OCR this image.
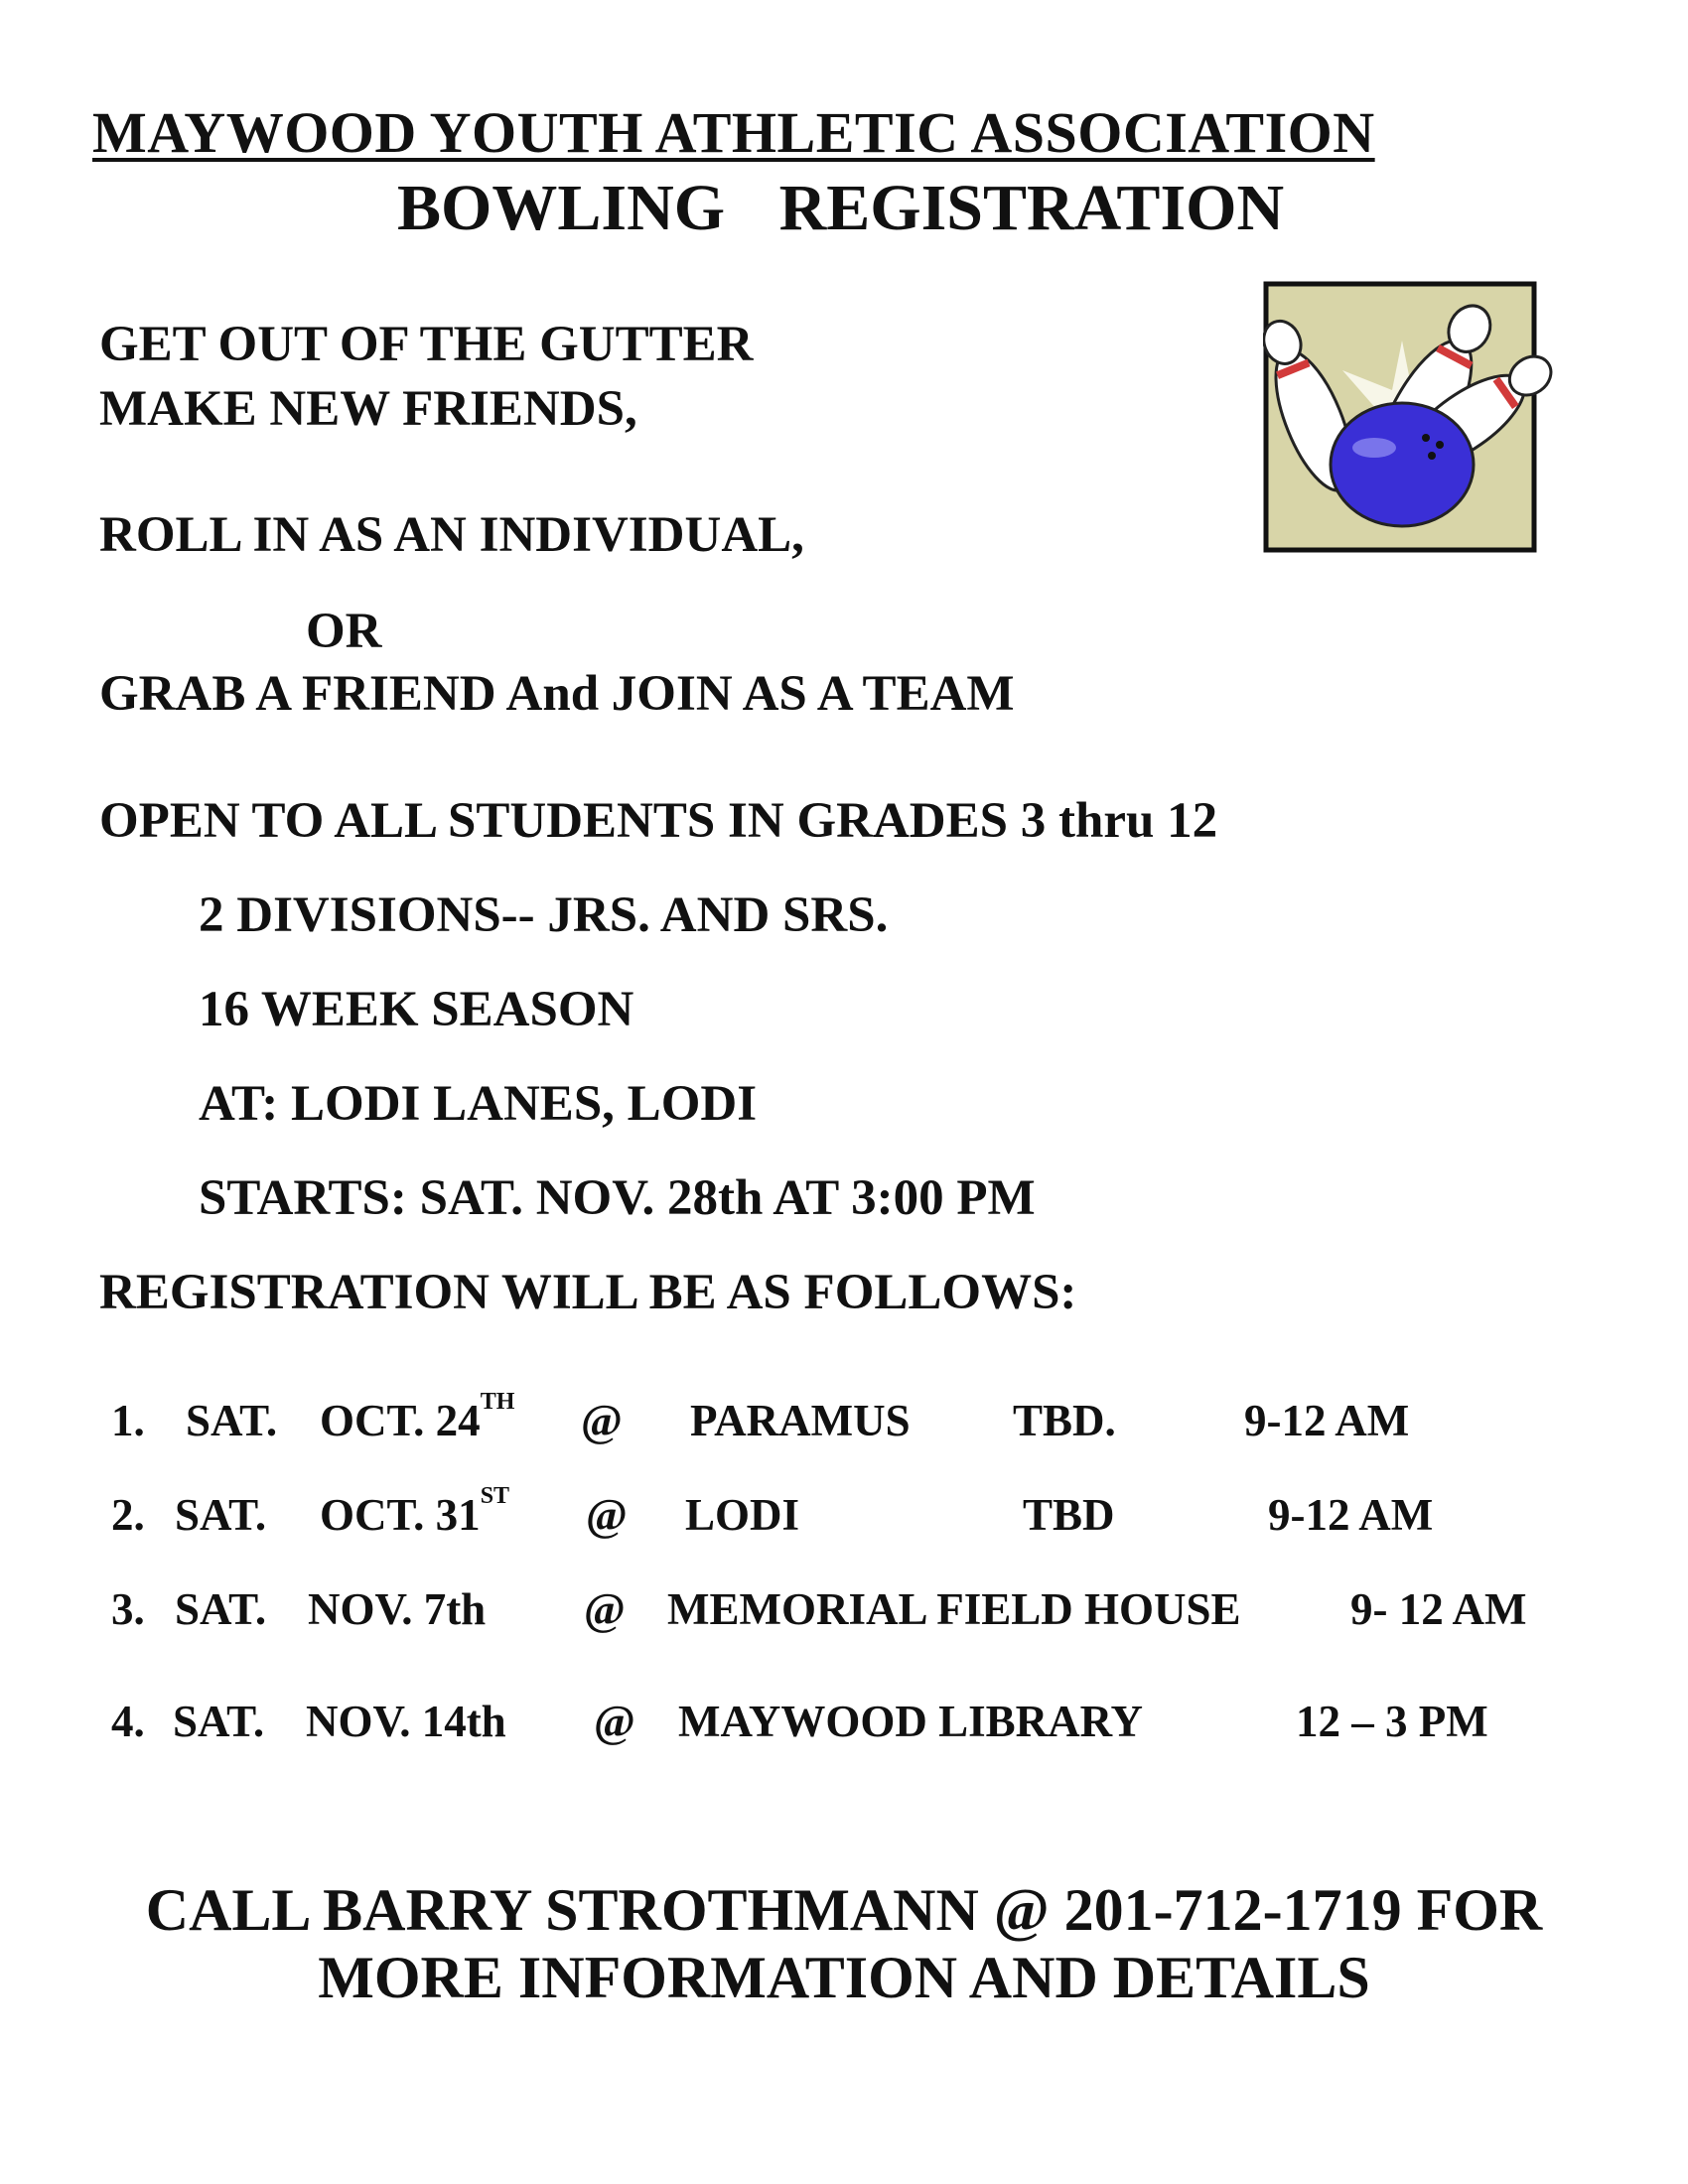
MAYWOOD YOUTH ATHLETIC ASSOCIATION
BOWLING REGISTRATION
GET OUT OF THE GUTTER
MAKE NEW FRIENDS,
ROLL IN AS AN INDIVIDUAL,
OR
GRAB A FRIEND And JOIN AS A TEAM
OPEN TO ALL STUDENTS IN GRADES 3 thru 12
2 DIVISIONS-- JRS. AND SRS.
16 WEEK SEASON
AT: LODI LANES, LODI
STARTS: SAT. NOV. 28th AT 3:00 PM
REGISTRATION WILL BE AS FOLLOWS:
1. SAT. OCT. 24TH @ PARAMUS TBD.	9-12 AM
2. SAT. OCT. 31ST @ LODI	TBD	9-12 AM
3. SAT. NOV. 7th @ MEMORIAL FIELD HOUSE 9- 12 AM
4. SAT. NOV. 14th @ MAYWOOD LIBRARY	12 – 3 PM
CALL BARRY STROTHMANN @ 201-712-1719 FOR
MORE INFORMATION AND DETAILS
